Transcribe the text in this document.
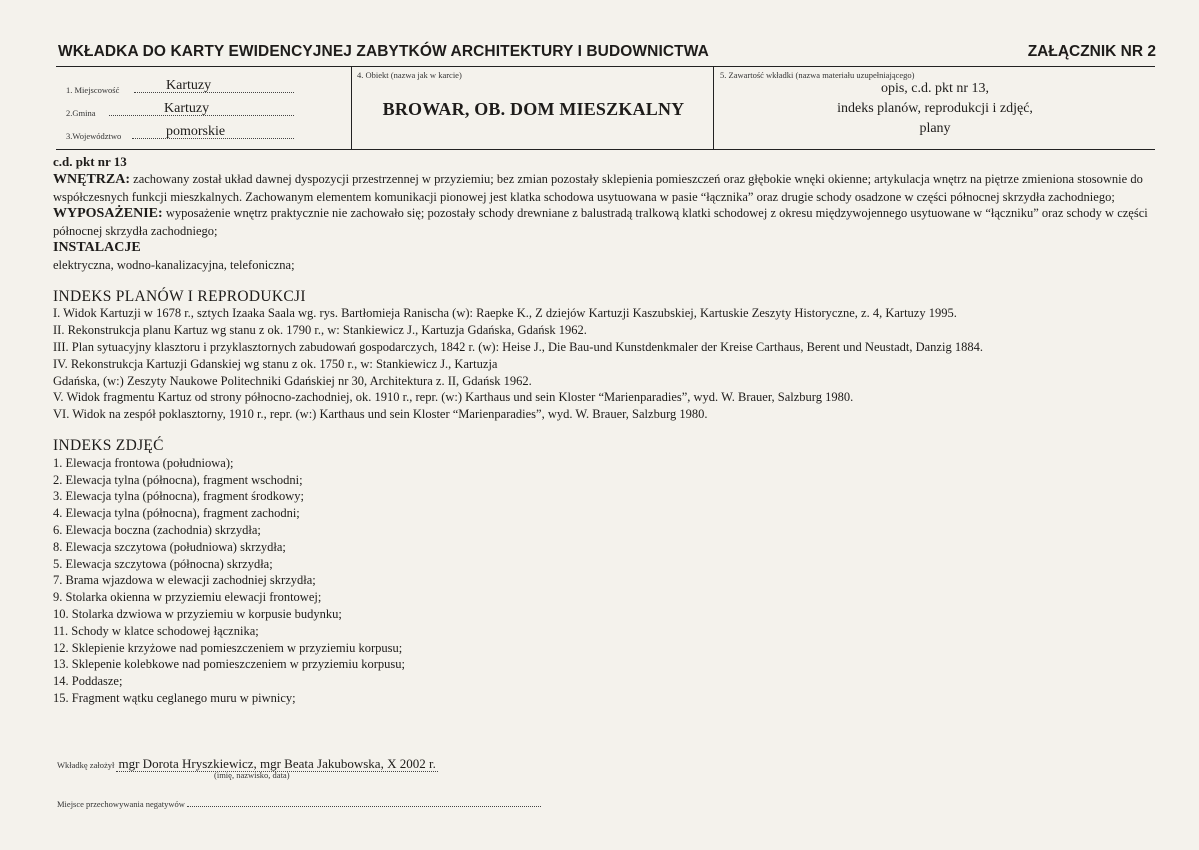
WKŁADKA DO KARTY EWIDENCYJNEJ ZABYTKÓW ARCHITEKTURY I BUDOWNICTWA	ZAŁĄCZNIK NR 2
1. Miejscowość	Kartuzy
2.Gmina	Kartuzy
3.Województwo	pomorskie
4. Obiekt (nazwa jak w karcie)
BROWAR, OB. DOM MIESZKALNY
5. Zawartość wkładki (nazwa materiału uzupełniającego)
opis, c.d. pkt nr 13,
indeks planów, reprodukcji i zdjęć,
plany
c.d. pkt nr 13
WNĘTRZA: zachowany został układ dawnej dyspozycji przestrzennej w przyziemiu; bez zmian pozostały sklepienia pomieszczeń oraz głębokie wnęki okienne; artykulacja wnętrz na piętrze zmieniona stosownie do współczesnych funkcji mieszkalnych. Zachowanym elementem komunikacji pionowej jest klatka schodowa usytuowana w pasie “łącznika” oraz drugie schody osadzone w części północnej skrzydła zachodniego;
WYPOSAŻENIE: wyposażenie wnętrz praktycznie nie zachowało się; pozostały schody drewniane z balustradą tralkową klatki schodowej z okresu międzywojennego usytuowane w “łączniku” oraz schody w części północnej skrzydła zachodniego;
INSTALACJE
elektryczna, wodno-kanalizacyjna, telefoniczna;
INDEKS PLANÓW I REPRODUKCJI
I. Widok Kartuzji w 1678 r., sztych Izaaka Saala wg. rys. Bartłomieja Ranischa (w): Raepke K., Z dziejów Kartuzji Kaszubskiej, Kartuskie Zeszyty Historyczne, z. 4, Kartuzy 1995.
II. Rekonstrukcja planu Kartuz wg stanu z ok. 1790 r., w: Stankiewicz J., Kartuzja Gdańska, Gdańsk 1962.
III. Plan sytuacyjny klasztoru i przyklasztornych zabudowań gospodarczych, 1842 r. (w): Heise J., Die Bau-und Kunstdenkmaler der Kreise Carthaus, Berent und Neustadt, Danzig 1884.
IV. Rekonstrukcja Kartuzji Gdanskiej wg stanu z ok. 1750 r., w: Stankiewicz J., Kartuzja
Gdańska, (w:) Zeszyty Naukowe Politechniki Gdańskiej nr 30, Architektura z. II, Gdańsk 1962.
V. Widok fragmentu Kartuz od strony północno-zachodniej, ok. 1910 r., repr. (w:) Karthaus und sein Kloster “Marienparadies”, wyd. W. Brauer, Salzburg 1980.
VI. Widok na zespół poklasztorny, 1910 r., repr. (w:) Karthaus und sein Kloster “Marienparadies”, wyd. W. Brauer, Salzburg 1980.
INDEKS ZDJĘĆ
1. Elewacja frontowa (południowa);
2. Elewacja tylna (północna), fragment wschodni;
3. Elewacja tylna (północna), fragment środkowy;
4. Elewacja tylna (północna), fragment zachodni;
6. Elewacja boczna (zachodnia) skrzydła;
8. Elewacja szczytowa (południowa) skrzydła;
5. Elewacja szczytowa (północna) skrzydła;
7. Brama wjazdowa w elewacji zachodniej skrzydła;
9. Stolarka okienna w przyziemiu elewacji frontowej;
10. Stolarka dzwiowa w przyziemiu w korpusie budynku;
11. Schody w klatce schodowej łącznika;
12. Sklepienie krzyżowe nad pomieszczeniem w przyziemiu korpusu;
13. Sklepenie kolebkowe nad pomieszczeniem w przyziemiu korpusu;
14. Poddasze;
15. Fragment wątku ceglanego muru w piwnicy;
Wkładkę założył mgr Dorota Hryszkiewicz, mgr Beata Jakubowska, X 2002 r.
(imię, nazwisko, data)
Miejsce przechowywania negatywów
